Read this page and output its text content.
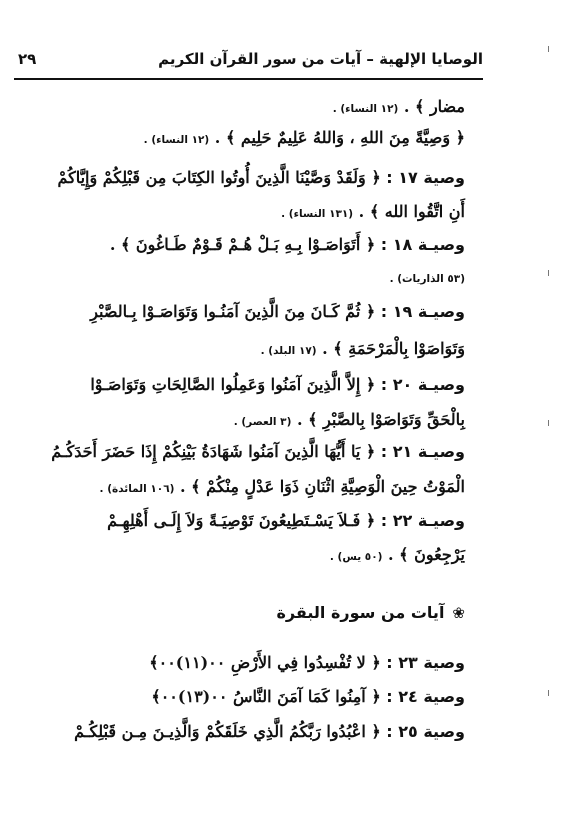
الوصايا الإلهية – آيات من سور القرآن الكريم
٢٩
مضار ﴾ . (١٢ النساء) .
﴿ وَصِيَّةً مِنَ اللهِ ، وَاللهُ عَلِيمٌ حَلِيم ﴾ . (١٢ النساء) .
وصية ١٧ : ﴿ وَلَقَدْ وَصَّيْنَا الَّذِينَ أُوتُوا الكِتَابَ مِن قَبْلِكُمْ وَإِيَّاكُمْ
أَنِ اتَّقُوا الله ﴾ . (١٣١ النساء) .
وصيـة ١٨ : ﴿ أَتَوَاصَـوْا بِـهِ بَـلْ هُـمْ قَـوْمٌ طَـاغُونَ ﴾ .
(٥٣ الذاريات) .
وصيـة ١٩ : ﴿ ثُمَّ كَـانَ مِنَ الَّذِينَ آمَنُـوا وَتَوَاصَـوْا بِـالصَّبْرِ
وَتَوَاصَوْا بِالْمَرْحَمَةِ ﴾ . (١٧ البلد) .
وصيـة ٢٠ : ﴿ إِلاَّ الَّذِينَ آمَنُوا وَعَمِلُوا الصَّالِحَاتِ وَتَوَاصَـوْا
بِالْحَقِّ وَتَوَاصَوْا بِالصَّبْرِ ﴾ . (٣ العصر) .
وصيـة ٢١ : ﴿ يَا أَيُّهَا الَّذِينَ آمَنُوا شَهَادَةُ بَيْنِكُمْ إِذَا حَضَرَ أَحَدَكُـمُ
الْمَوْتُ حِينَ الْوَصِيَّةِ اثْنَانِ ذَوَا عَدْلٍ مِنْكُمْ ﴾ . (١٠٦ المائدة) .
وصيـة ٢٢ : ﴿ فَـلاَ يَسْـتَطِيعُونَ تَوْصِيَـةً وَلاَ إِلَـى أَهْلِهِـمْ
يَرْجِعُونَ ﴾ . (٥٠ يس) .
❀آيات من سورة البقرة
وصية ٢٣ : ﴿ لا تُفْسِدُوا فِي الأَرْضِ ٠٠(١١)٠٠﴾
وصية ٢٤ : ﴿ آمِنُوا كَمَا آمَنَ النَّاسُ ٠٠(١٣)٠٠﴾
وصية ٢٥ : ﴿ اعْبُدُوا رَبَّكُمُ الَّذِي خَلَقَكُمْ وَالَّذِيـنَ مِـن قَبْلِكُـمْ
